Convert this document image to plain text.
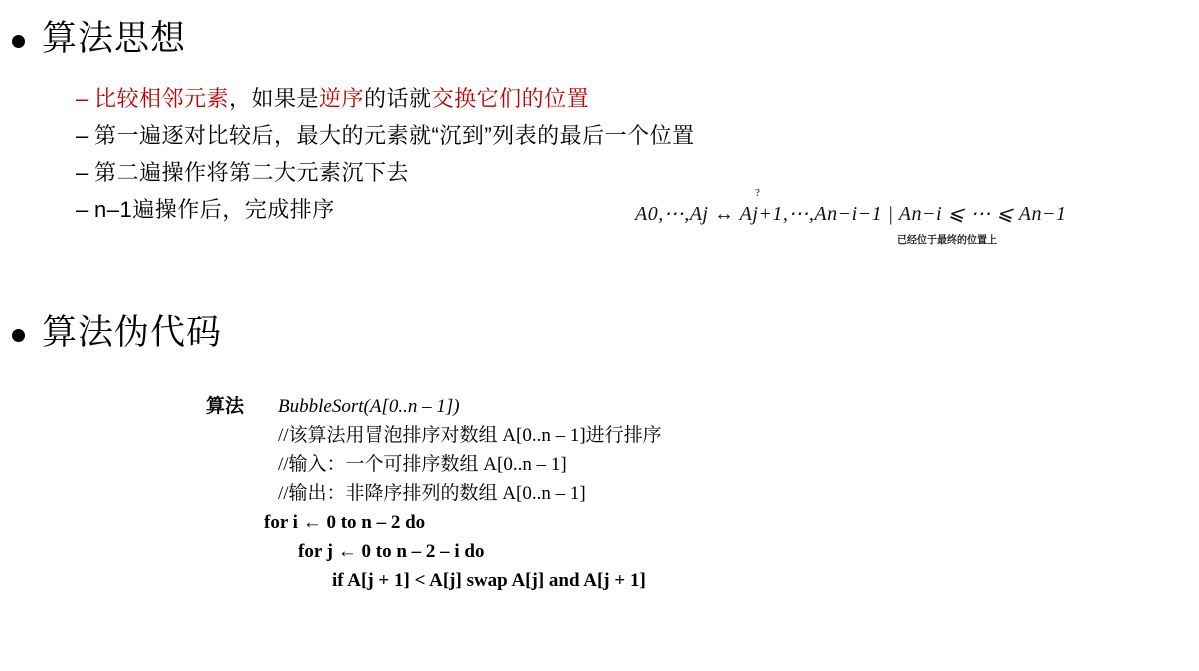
算法思想
– 比较相邻元素，如果是逆序的话就交换它们的位置
– 第一遍逐对比较后，最大的元素就“沉到”列表的最后一个位置
– 第二遍操作将第二大元素沉下去
– n–1遍操作后，完成排序
?
A0,⋯,Aj ↔ Aj+1,⋯,An−i−1 | An−i ⩽ ⋯ ⩽ An−1
已经位于最终的位置上
算法伪代码
算法 BubbleSort(A[0..n – 1])
//该算法用冒泡排序对数组 A[0..n – 1]进行排序
//输入：一个可排序数组 A[0..n – 1]
//输出：非降序排列的数组 A[0..n – 1]
for i ← 0 to n – 2 do
for j ← 0 to n – 2 – i do
if A[j + 1] < A[j] swap A[j] and A[j + 1]
